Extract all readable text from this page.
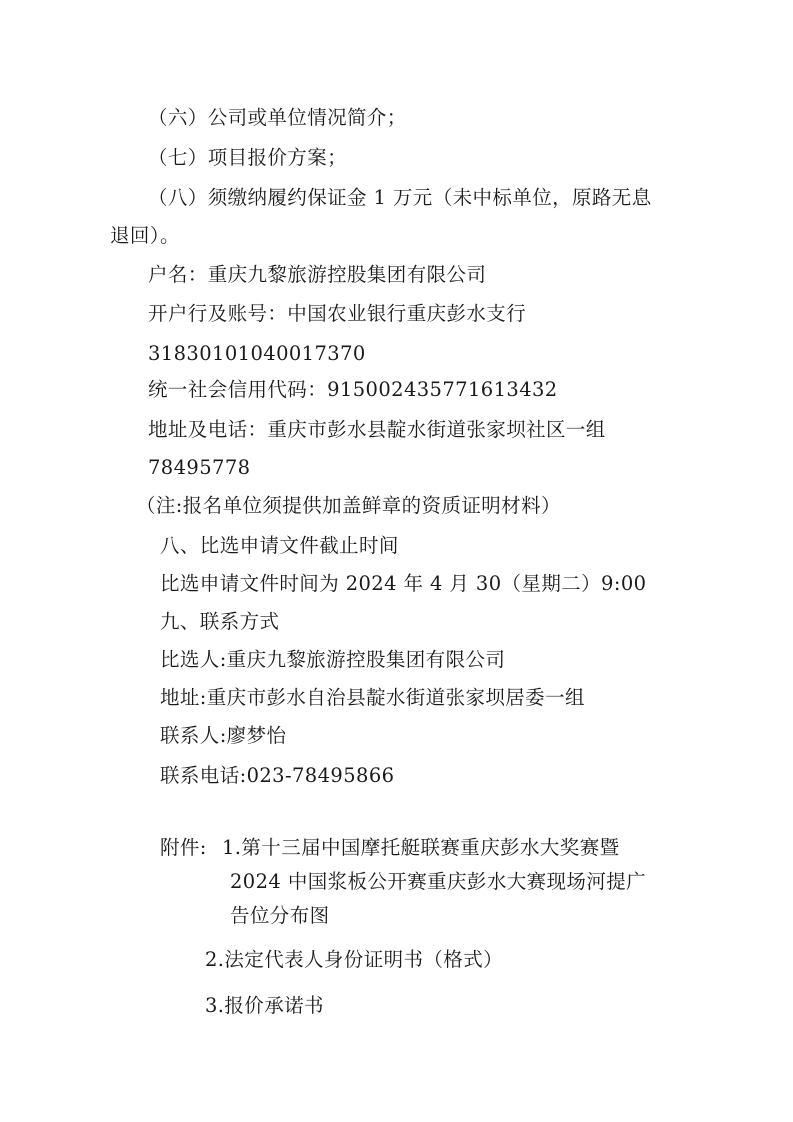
（六）公司或单位情况简介；
（七）项目报价方案；
（八）须缴纳履约保证金 1 万元（未中标单位，原路无息
退回）。
户名：重庆九黎旅游控股集团有限公司
开户行及账号：中国农业银行重庆彭水支行
31830101040017370
统一社会信用代码：91500243577161343​2
地址及电话：重庆市彭水县靛水街道张家坝社区一组
78495778
（注:报名单位须提供加盖鲜章的资质证明材料）
八、比选申请文件截止时间
比选申请文件时间为 2024 年 4 月 30（星期二）9:00
九、联系方式
比选人:重庆九黎旅游控股集团有限公司
地址:重庆市彭水自治县靛水街道张家坝居委一组
联系人:廖梦怡
联系电话:023-78495866
附件: 1.第十三届中国摩托艇联赛重庆彭水大奖赛暨
2024 中国浆板公开赛重庆彭水大赛现场河提广
告位分布图
2.法定代表人身份证明书（格式）
3.报价承诺书
